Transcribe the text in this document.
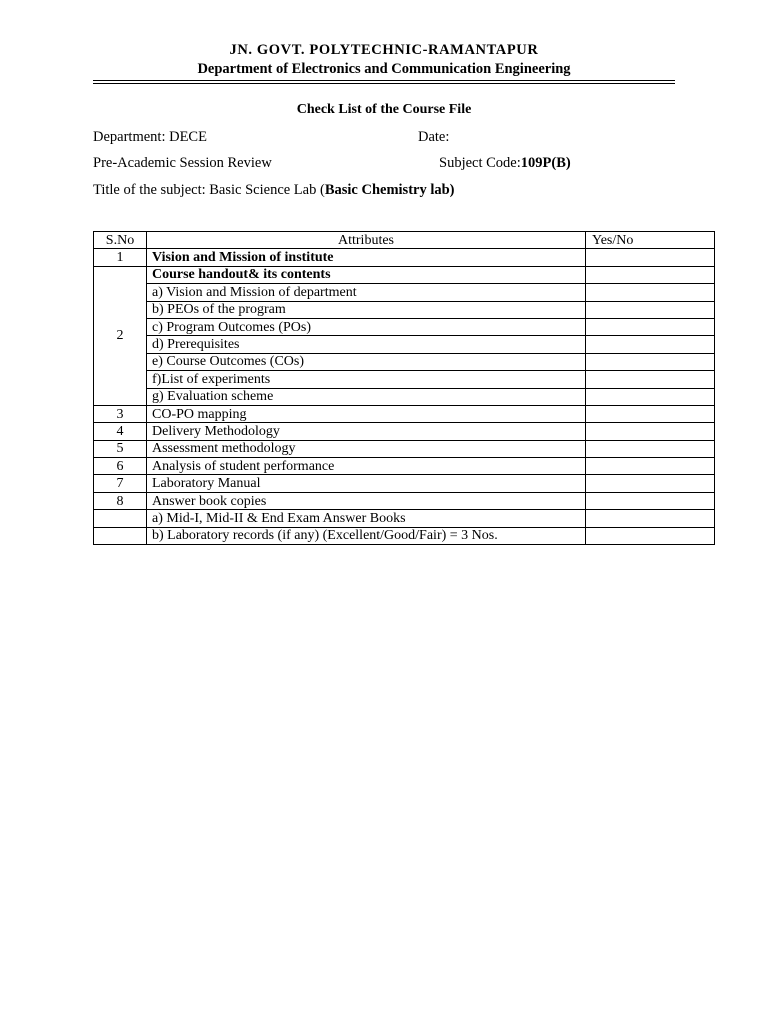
JN. GOVT. POLYTECHNIC-RAMANTAPUR
Department of Electronics and Communication Engineering
Check List of the Course File
Department: DECE	Date:
Pre-Academic Session Review	Subject Code:109P(B)
Title of the subject: Basic Science Lab (Basic Chemistry lab)
S.No	Attributes	Yes/No
1	Vision and Mission of institute	
2	Course handout& its contents	
	a) Vision and Mission of department	
	b) PEOs of the program	
	c) Program Outcomes (POs)	
	d) Prerequisites	
	e) Course Outcomes (COs)	
	f)List of experiments	
	g) Evaluation scheme	
3	CO-PO mapping	
4	Delivery Methodology	
5	Assessment methodology	
6	Analysis of student performance	
7	Laboratory Manual	
8	Answer book copies	
	a) Mid-I, Mid-II & End Exam Answer Books	
	b) Laboratory records (if any) (Excellent/Good/Fair) = 3 Nos.	
